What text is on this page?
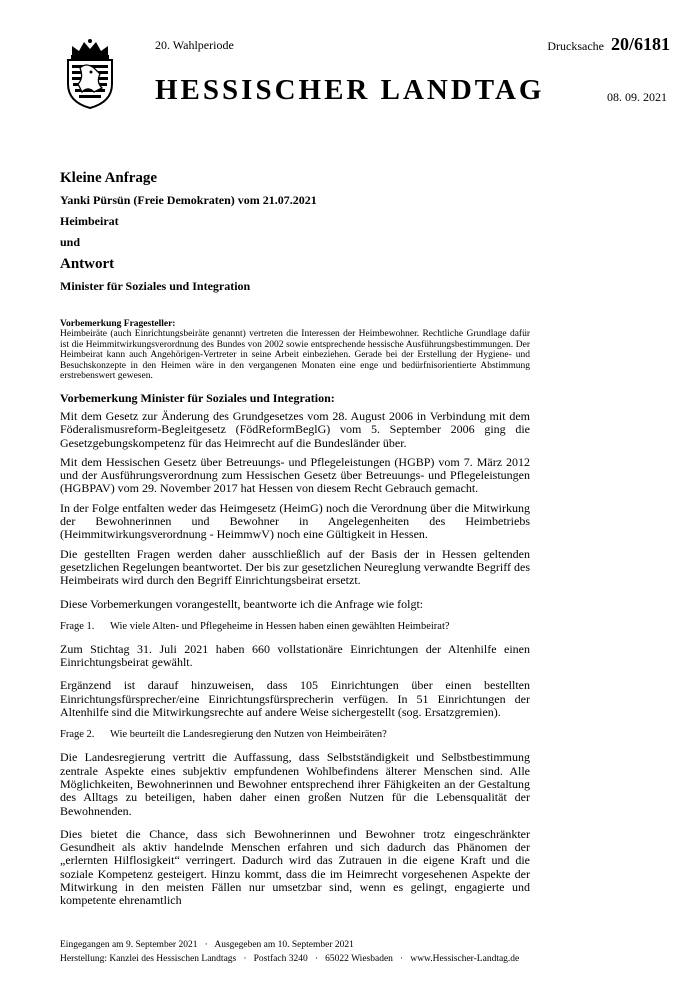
20. Wahlperiode	Drucksache 20/6181
HESSISCHER LANDTAG	08. 09. 2021

Kleine Anfrage

Yanki Pürsün (Freie Demokraten) vom 21.07.2021

Heimbeirat

und

Antwort

Minister für Soziales und Integration

Vorbemerkung Fragesteller:

Heimbeiräte (auch Einrichtungsbeiräte genannt) vertreten die Interessen der Heimbewohner. Rechtliche Grundlage dafür ist die Heimmitwirkungsverordnung des Bundes von 2002 sowie entsprechende hessische Ausführungsbestimmungen. Der Heimbeirat kann auch Angehörigen-Vertreter in seine Arbeit einbeziehen. Gerade bei der Erstellung der Hygiene- und Besuchskonzepte in den Heimen wäre in den vergangenen Monaten eine enge und bedürfnisorientierte Abstimmung erstrebenswert gewesen.

Vorbemerkung Minister für Soziales und Integration:

Mit dem Gesetz zur Änderung des Grundgesetzes vom 28. August 2006 in Verbindung mit dem Föderalismusreform-Begleitgesetz (FödReformBeglG) vom 5. September 2006 ging die Gesetzgebungskompetenz für das Heimrecht auf die Bundesländer über.

Mit dem Hessischen Gesetz über Betreuungs- und Pflegeleistungen (HGBP) vom 7. März 2012 und der Ausführungsverordnung zum Hessischen Gesetz über Betreuungs- und Pflegeleistungen (HGBPAV) vom 29. November 2017 hat Hessen von diesem Recht Gebrauch gemacht.

In der Folge entfalten weder das Heimgesetz (HeimG) noch die Verordnung über die Mitwirkung der Bewohnerinnen und Bewohner in Angelegenheiten des Heimbetriebs (Heimmitwirkungsverordnung - HeimmwV) noch eine Gültigkeit in Hessen.

Die gestellten Fragen werden daher ausschließlich auf der Basis der in Hessen geltenden gesetzlichen Regelungen beantwortet. Der bis zur gesetzlichen Neureglung verwandte Begriff des Heimbeirats wird durch den Begriff Einrichtungsbeirat ersetzt.

Diese Vorbemerkungen vorangestellt, beantworte ich die Anfrage wie folgt:

Frage 1. Wie viele Alten- und Pflegeheime in Hessen haben einen gewählten Heimbeirat?

Zum Stichtag 31. Juli 2021 haben 660 vollstationäre Einrichtungen der Altenhilfe einen Einrichtungsbeirat gewählt.

Ergänzend ist darauf hinzuweisen, dass 105 Einrichtungen über einen bestellten Einrichtungsfürsprecher/eine Einrichtungsfürsprecherin verfügen. In 51 Einrichtungen der Altenhilfe sind die Mitwirkungsrechte auf andere Weise sichergestellt (sog. Ersatzgremien).

Frage 2. Wie beurteilt die Landesregierung den Nutzen von Heimbeiräten?

Die Landesregierung vertritt die Auffassung, dass Selbstständigkeit und Selbstbestimmung zentrale Aspekte eines subjektiv empfundenen Wohlbefindens älterer Menschen sind. Alle Möglichkeiten, Bewohnerinnen und Bewohner entsprechend ihrer Fähigkeiten an der Gestaltung des Alltags zu beteiligen, haben daher einen großen Nutzen für die Lebensqualität der Bewohnenden.

Dies bietet die Chance, dass sich Bewohnerinnen und Bewohner trotz eingeschränkter Gesundheit als aktiv handelnde Menschen erfahren und sich dadurch das Phänomen der „erlernten Hilflosigkeit“ verringert. Dadurch wird das Zutrauen in die eigene Kraft und die soziale Kompetenz gesteigert. Hinzu kommt, dass die im Heimrecht vorgesehenen Aspekte der Mitwirkung in den meisten Fällen nur umsetzbar sind, wenn es gelingt, engagierte und kompetente ehrenamtlich

Eingegangen am 9. September 2021   ·   Ausgegeben am 10. September 2021
Herstellung: Kanzlei des Hessischen Landtags   ·   Postfach 3240   ·   65022 Wiesbaden   ·   www.Hessischer-Landtag.de
